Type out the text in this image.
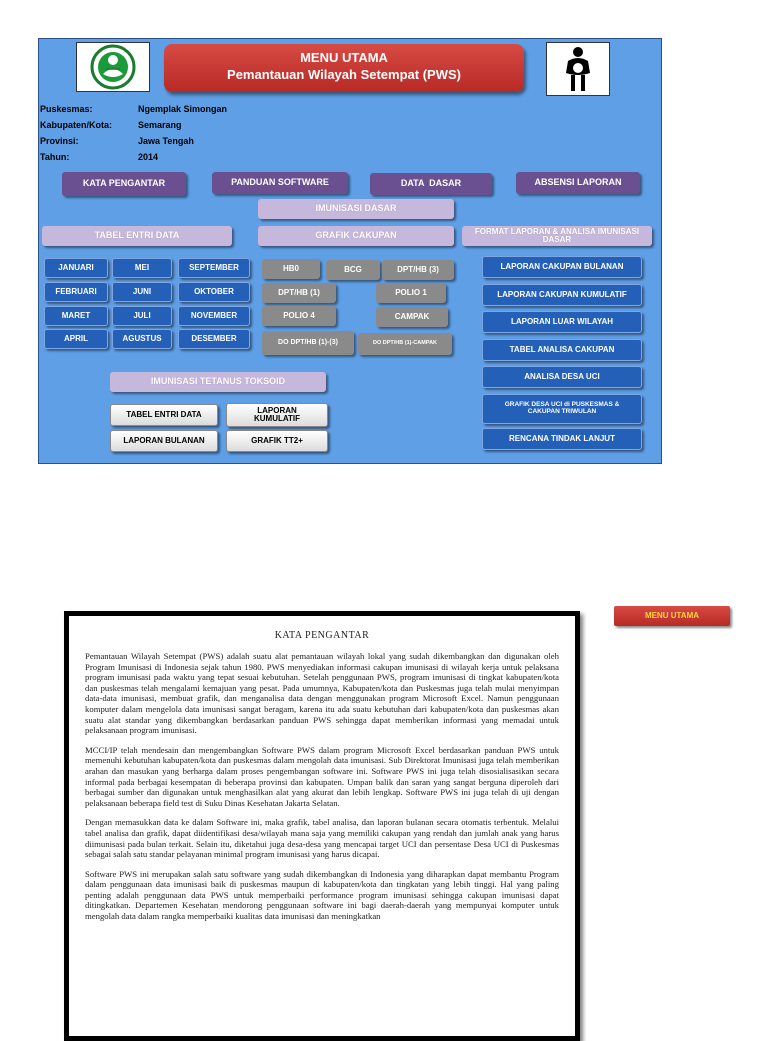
MENU UTAMA
Pemantauan Wilayah Setempat (PWS)
Puskesmas:	Ngemplak Simongan
Kabupaten/Kota:	Semarang
Provinsi:	Jawa Tengah
Tahun:	2014
KATA PENGANTAR	PANDUAN SOFTWARE	DATA  DASAR	ABSENSI LAPORAN
IMUNISASI DASAR
TABEL ENTRI DATA	GRAFIK CAKUPAN	FORMAT LAPORAN & ANALISA IMUNISASI DASAR
JANUARI	MEI	SEPTEMBER
FEBRUARI	JUNI	OKTOBER
MARET	JULI	NOVEMBER
APRIL	AGUSTUS	DESEMBER
HB0	BCG	DPT/HB (3)
DPT/HB (1)	POLIO 1
POLIO 4	CAMPAK
DO DPT/HB (1)-(3)	DO DPT/HB (1)-CAMPAK
LAPORAN CAKUPAN BULANAN
LAPORAN CAKUPAN KUMULATIF
LAPORAN LUAR WILAYAH
TABEL ANALISA CAKUPAN
ANALISA DESA UCI
GRAFIK DESA UCI di PUSKESMAS & CAKUPAN TRIWULAN
RENCANA TINDAK LANJUT
IMUNISASI TETANUS TOKSOID
TABEL ENTRI DATA	LAPORAN KUMULATIF
LAPORAN BULANAN	GRAFIK TT2+
KATA PENGANTAR

Pemantauan Wilayah Setempat (PWS) adalah suatu alat pemantauan wilayah lokal yang sudah dikembangkan dan digunakan oleh Program Imunisasi di Indonesia sejak tahun 1980. PWS menyediakan informasi cakupan imunisasi di wilayah kerja untuk pelaksana program imunisasi pada waktu yang tepat sesuai kebutuhan. Setelah penggunaan PWS, program imunisasi di tingkat kabupaten/kota dan puskesmas telah mengalami kemajuan yang pesat. Pada umumnya, Kabupaten/kota dan Puskesmas juga telah mulai menyimpan data-data imunisasi, membuat grafik, dan menganalisa data dengan menggunakan program Microsoft Excel. Namun penggunaan komputer dalam mengelola data imunisasi sangat beragam, karena itu ada suatu kebutuhan dari kabupaten/kota dan puskesmas akan suatu alat standar yang dikembangkan berdasarkan panduan PWS sehingga dapat memberikan informasi yang memadai untuk pelaksanaan program imunisasi.

MCCI/IP telah mendesain dan mengembangkan Software PWS dalam program Microsoft Excel berdasarkan panduan PWS untuk memenuhi kebutuhan kabupaten/kota dan puskesmas dalam mengolah data imunisasi. Sub Direktorat Imunisasi juga telah memberikan arahan dan masukan yang berharga dalam proses pengembangan software ini. Software PWS ini juga telah disosialisasikan secara informal pada berbagai kesempatan di beberapa provinsi dan kabupaten. Umpan balik dan saran yang sangat berguna diperoleh dari berbagai sumber dan digunakan untuk menghasilkan alat yang akurat dan lebih lengkap. Software PWS ini juga telah di uji dengan pelaksanaan beberapa field test di Suku Dinas Kesehatan Jakarta Selatan.

Dengan memasukkan data ke dalam Software ini, maka grafik, tabel analisa, dan laporan bulanan secara otomatis terbentuk. Melalui tabel analisa dan grafik, dapat diidentifikasi desa/wilayah mana saja yang memiliki cakupan yang rendah dan jumlah anak yang harus diimunisasi pada bulan terkait. Selain itu, diketahui juga desa-desa yang mencapai target UCI dan persentase Desa UCI di Puskesmas sebagai salah satu standar pelayanan minimal program imunisasi yang harus dicapai.

Software PWS ini merupakan salah satu software yang sudah dikembangkan di Indonesia yang diharapkan dapat membantu Program dalam penggunaan data imunisasi baik di puskesmas maupun di kabupaten/kota dan tingkatan yang lebih tinggi. Hal yang paling penting adalah penggunaan data PWS untuk memperbaiki performance program imunisasi sehingga cakupan imunisasi dapat ditingkatkan. Departemen Kesehatan mendorong penggunaan software ini bagi daerah-daerah yang mempunyai komputer untuk mengolah data dalam rangka memperbaiki kualitas data imunisasi dan meningkatkan

MENU UTAMA
